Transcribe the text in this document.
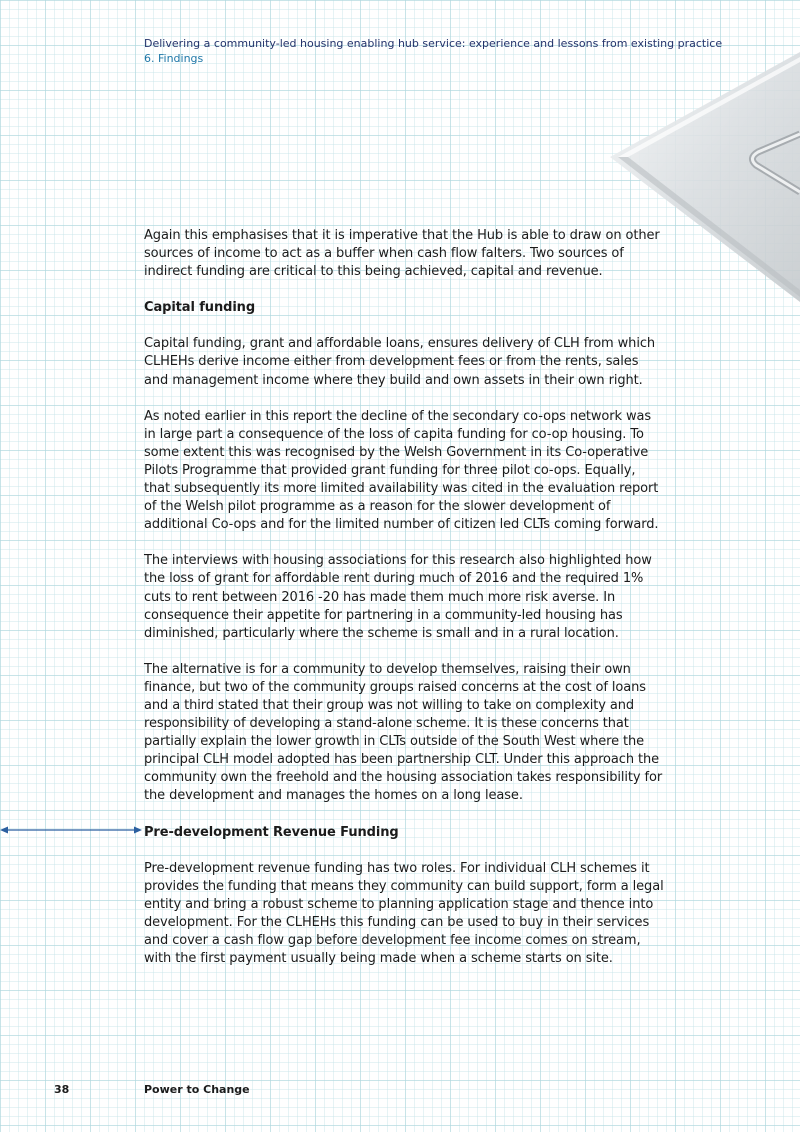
Delivering a community-led housing enabling hub service: experience and lessons from existing practice
6. Findings

Again this emphasises that it is imperative that the Hub is able to draw on other sources of income to act as a buffer when cash flow falters. Two sources of indirect funding are critical to this being achieved, capital and revenue.

Capital funding

Capital funding, grant and affordable loans, ensures delivery of CLH from which CLHEHs derive income either from development fees or from the rents, sales and management income where they build and own assets in their own right.

As noted earlier in this report the decline of the secondary co-ops network was in large part a consequence of the loss of capita funding for co-op housing. To some extent this was recognised by the Welsh Government in its Co-operative Pilots Programme that provided grant funding for three pilot co-ops. Equally, that subsequently its more limited availability was cited in the evaluation report of the Welsh pilot programme as a reason for the slower development of additional Co-ops and for the limited number of citizen led CLTs coming forward.

The interviews with housing associations for this research also highlighted how the loss of grant for affordable rent during much of 2016 and the required 1% cuts to rent between 2016 -20 has made them much more risk averse. In consequence their appetite for partnering in a community-led housing has diminished, particularly where the scheme is small and in a rural location.

The alternative is for a community to develop themselves, raising their own finance, but two of the community groups raised concerns at the cost of loans and a third stated that their group was not willing to take on complexity and responsibility of developing a stand-alone scheme. It is these concerns that partially explain the lower growth in CLTs outside of the South West where the principal CLH model adopted has been partnership CLT. Under this approach the community own the freehold and the housing association takes responsibility for the development and manages the homes on a long lease.

Pre-development Revenue Funding

Pre-development revenue funding has two roles. For individual CLH schemes it provides the funding that means they community can build support, form a legal entity and bring a robust scheme to planning application stage and thence into development. For the CLHEHs this funding can be used to buy in their services and cover a cash flow gap before development fee income comes on stream, with the first payment usually being made when a scheme starts on site.

38	Power to Change
